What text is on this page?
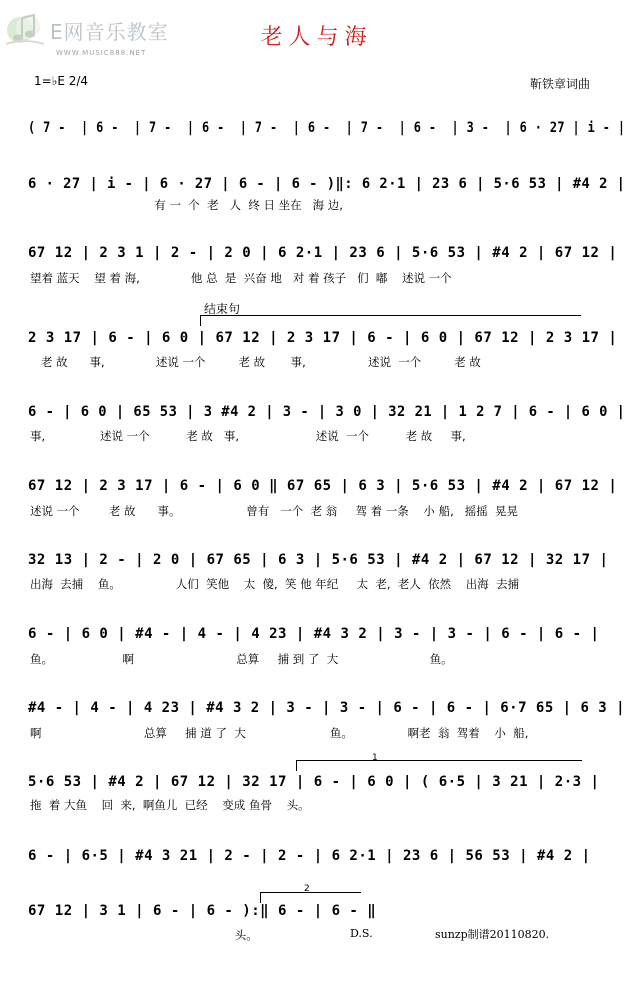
E网音乐教室
WWW.MUSIC888.NET
老人与海
1=♭E 2/4	靳铁章词曲
( 7 -  | 6 -  | 7 -  | 6 -  | 7 -  | 6 -  | 7 -  | 6 -  | 3 -  | 6 · 27 | i - |
6 · 27 | i - | 6 · 27 | 6 - | 6 - )‖: 6 2·1 | 23 6 | 5·6 53 | #4 2 |
有 一  个  老   人  终 日 坐在   海 边,
67 12 | 2 3 1 | 2 - | 2 0 | 6 2·1 | 23 6 | 5·6 53 | #4 2 | 67 12 |
望着 蓝天    望 着 海,              他 总  是  兴奋 地   对 着 孩子   们  嘟    述说 一个
结束句
2 3 17 | 6 - | 6 0 | 67 12 | 2 3 17 | 6 - | 6 0 | 67 12 | 2 3 17 |
老 故      事,              述说 一个         老 故       事,                 述说  一个         老 故
6 - | 6 0 | 65 53 | 3 #4 2 | 3 - | 3 0 | 32 21 | 1 2 7 | 6 - | 6 0 |
事,               述说 一个          老 故   事,                     述说  一个          老 故     事,
67 12 | 2 3 17 | 6 - | 6 0 ‖ 67 65 | 6 3 | 5·6 53 | #4 2 | 67 12 |
述说 一个        老 故      事。                  曾有   一个  老 翁     驾 着 一条    小 船,   摇摇  晃晃
32 13 | 2 - | 2 0 | 67 65 | 6 3 | 5·6 53 | #4 2 | 67 12 | 32 17 |
出海  去捕    鱼。               人们  笑他    太  傻,  笑 他 年纪     太  老,  老人  依然    出海  去捕
6 - | 6 0 | #4 - | 4 - | 4 23 | #4 3 2 | 3 - | 3 - | 6 - | 6 - |
鱼。                   啊                            总算     捕 到 了  大                         鱼。
#4 - | 4 - | 4 23 | #4 3 2 | 3 - | 3 - | 6 - | 6 - | 6·7 65 | 6 3 |
啊                            总算     捕 道 了  大                       鱼。               啊老  翁  驾着    小  船,
1
5·6 53 | #4 2 | 67 12 | 32 17 | 6 - | 6 0 | ( 6·5 | 3 21 | 2·3 |
拖  着 大鱼    回  来,  啊鱼儿  已经    变成 鱼骨    头。
6 - | 6·5 | #4 3 21 | 2 - | 2 - | 6 2·1 | 23 6 | 56 53 | #4 2 |
2
67 12 | 3 1 | 6 - | 6 - ):‖ 6 - | 6 - ‖
头。	D.S.	sunzp制谱20110820.
